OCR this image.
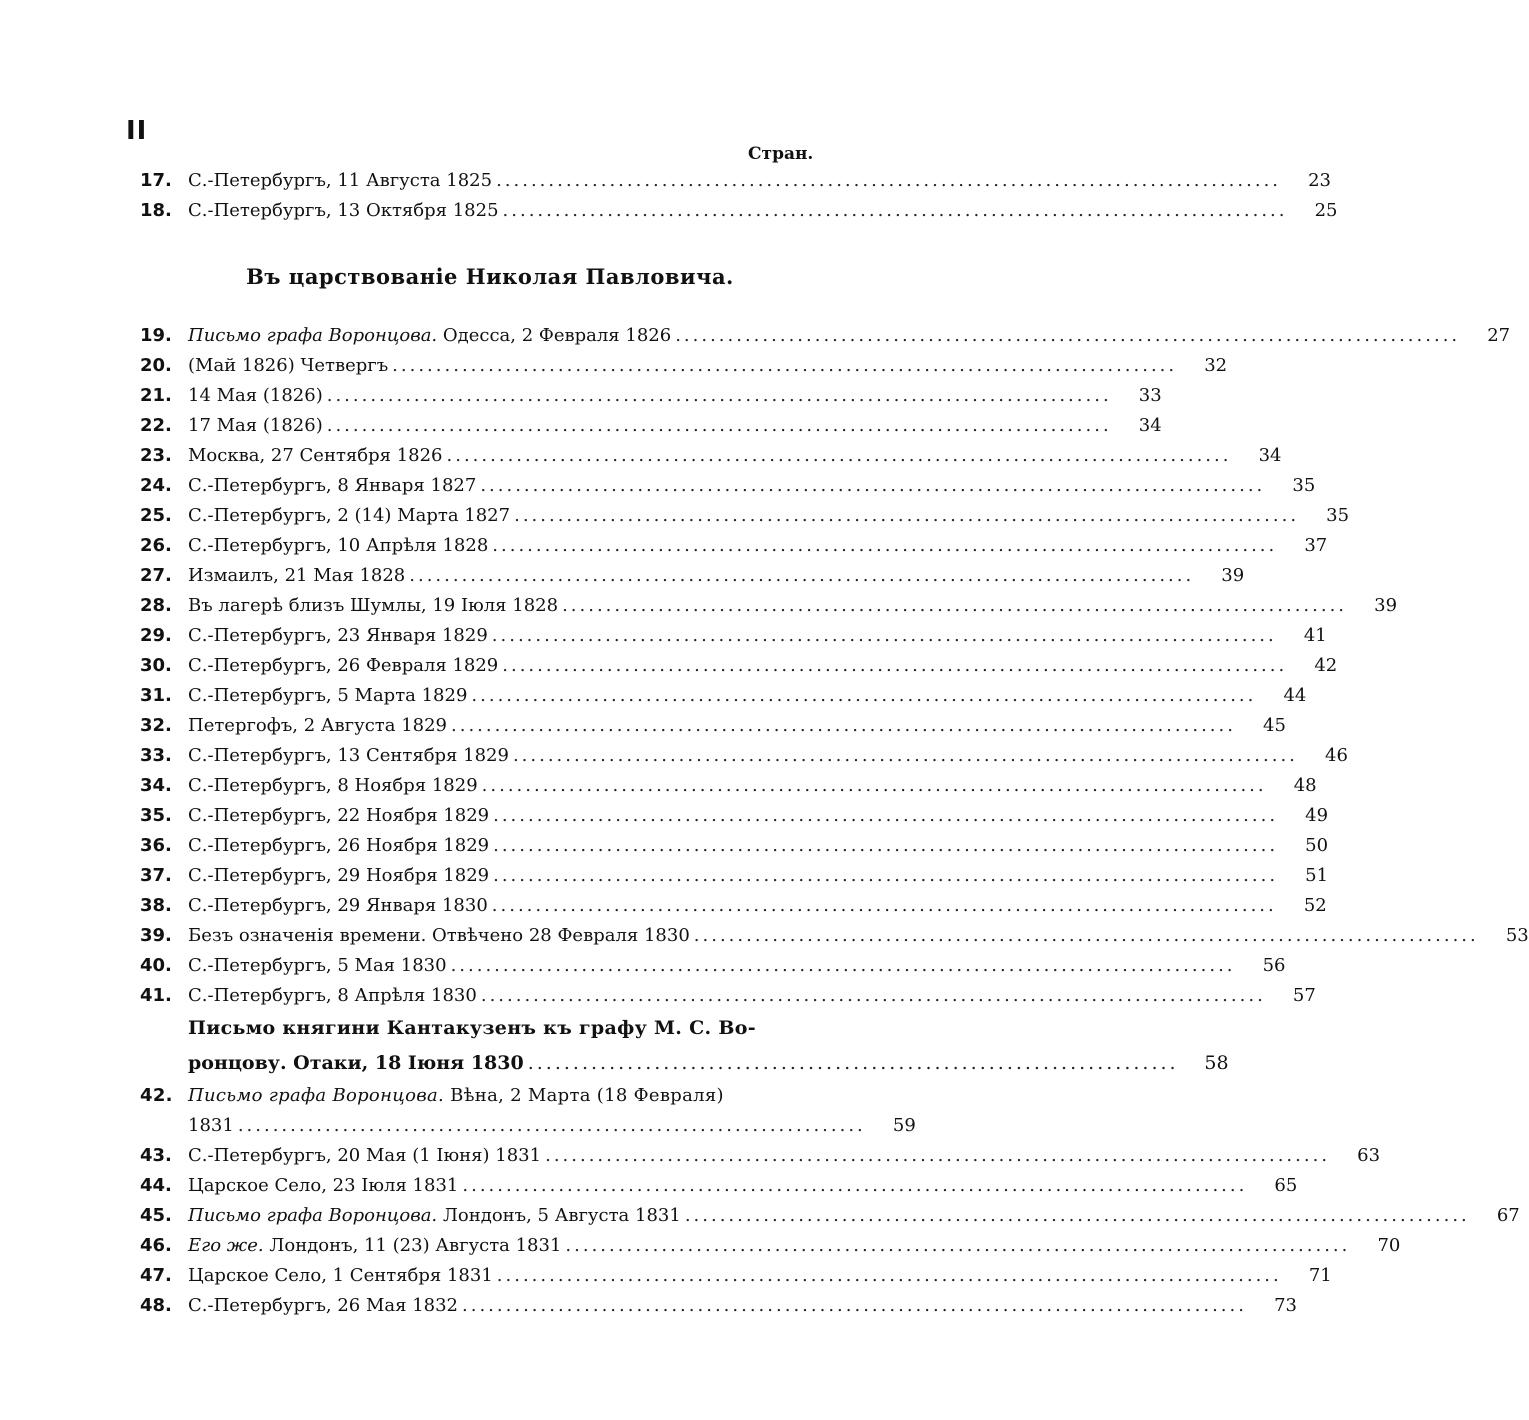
II
Стран.
17. С.-Петербургъ, 11 Августа 1825 ..........................................................................................	23
18. С.-Петербургъ, 13 Октября 1825 ..........................................................................................	25
Въ царствованіе Николая Павловича.
19. Письмо графа Воронцова. Одесса, 2 Февраля 1826 ..........................................................................................	27
20. (Май 1826) Четвергъ ..........................................................................................	32
21. 14 Мая (1826) ..........................................................................................	33
22. 17 Мая (1826) ..........................................................................................	34
23. Москва, 27 Сентября 1826 ..........................................................................................	34
24. С.-Петербургъ, 8 Января 1827 ..........................................................................................	35
25. С.-Петербургъ, 2 (14) Марта 1827 ..........................................................................................	35
26. С.-Петербургъ, 10 Апрѣля 1828 ..........................................................................................	37
27. Измаилъ, 21 Мая 1828 ..........................................................................................	39
28. Въ лагерѣ близъ Шумлы, 19 Іюля 1828 ..........................................................................................	39
29. С.-Петербургъ, 23 Января 1829 ..........................................................................................	41
30. С.-Петербургъ, 26 Февраля 1829 ..........................................................................................	42
31. С.-Петербургъ, 5 Марта 1829 ..........................................................................................	44
32. Петергофъ, 2 Августа 1829 ..........................................................................................	45
33. С.-Петербургъ, 13 Сентября 1829 ..........................................................................................	46
34. С.-Петербургъ, 8 Ноября 1829 ..........................................................................................	48
35. С.-Петербургъ, 22 Ноября 1829 ..........................................................................................	49
36. С.-Петербургъ, 26 Ноября 1829 ..........................................................................................	50
37. С.-Петербургъ, 29 Ноября 1829 ..........................................................................................	51
38. С.-Петербургъ, 29 Января 1830 ..........................................................................................	52
39. Безъ означенія времени. Отвѣчено 28 Февраля 1830 ..........................................................................................	53
40. С.-Петербургъ, 5 Мая 1830 ..........................................................................................	56
41. С.-Петербургъ, 8 Апрѣля 1830 ..........................................................................................	57
Письмо княгини Кантакузенъ къ графу М. С. Во-
ронцову. Отаки, 18 Іюня 1830 ........................................................................	58
42. Письмо графа Воронцова. Вѣна, 2 Марта (18 Февраля)
1831 ........................................................................	59
43. С.-Петербургъ, 20 Мая (1 Іюня) 1831 ..........................................................................................	63
44. Царское Село, 23 Іюля 1831 ..........................................................................................	65
45. Письмо графа Воронцова. Лондонъ, 5 Августа 1831 ..........................................................................................	67
46. Его же. Лондонъ, 11 (23) Августа 1831 ..........................................................................................	70
47. Царское Село, 1 Сентября 1831 ..........................................................................................	71
48. С.-Петербургъ, 26 Мая 1832 ..........................................................................................	73
